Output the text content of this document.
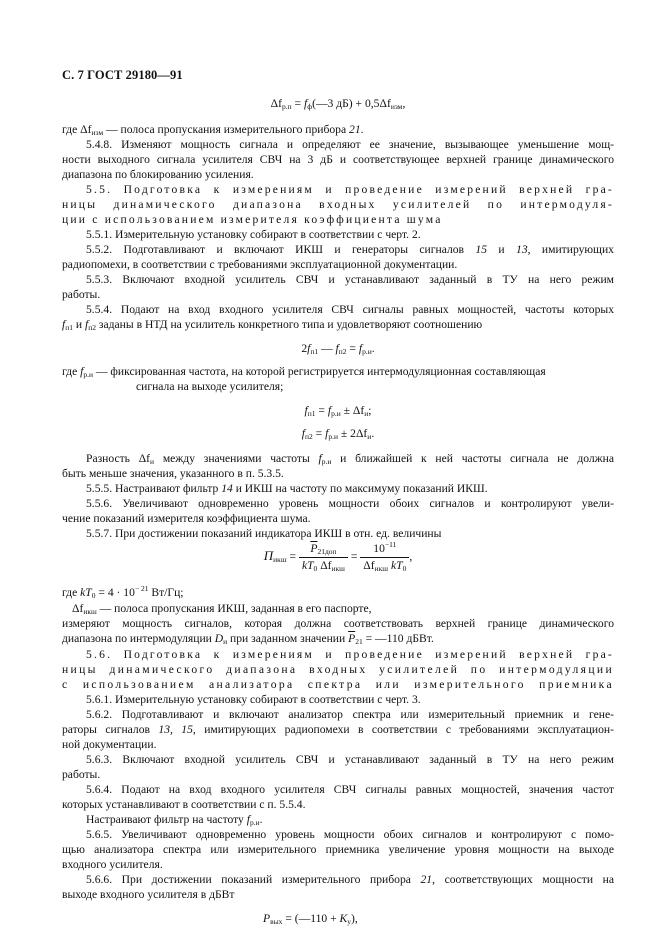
С. 7 ГОСТ 29180—91
$\Delta f_{р.п}$ = $f_ф(—3$ $дБ) + 0,5\Delta f_{изм}$,
где $\Delta f_{изм}$ — полоса пропускания измерительного прибора 21.
5.4.8. Изменяют мощность сигнала и определяют ее значение, вызывающее уменьшение мощ-
ности выходного сигнала усилителя СВЧ на 3 дБ и соответствующее верхней границе динамического
диапазона по блокированию усиления.
5.5. Подготовка к измерениям и проведение измерений верхней гра-
ницы динамического диапазона входных усилителей по интермодуля-
ции с использованием измерителя коэффициента шума
5.5.1. Измерительную установку собирают в соответствии с черт. 2.
5.5.2. Подготавливают и включают ИКШ и генераторы сигналов 15 и 13, имитирующих
радиопомехи, в соответствии с требованиями эксплуатационной документации.
5.5.3. Включают входной усилитель СВЧ и устанавливают заданный в ТУ на него режим
работы.
5.5.4. Подают на вход входного усилителя СВЧ сигналы равных мощностей, частоты которых
$f_{п1}$ и $f_{п2}$ заданы в НТД на усилитель конкретного типа и удовлетворяют соотношению
$2f_{п1}$ — $f_{п2} = f_{р.и}$.
где $f_{р.и}$ — фиксированная частота, на которой регистрируется интермодуляционная составляющая
сигнала на выходе усилителя;
$f_{п1} = f_{р.и} \pm \Delta f_и$;
$f_{п2} = f_{р.и} \pm 2\Delta f_и$.
Разность $\Delta f_и$ между значениями частоты $f_{р.и}$ и ближайшей к ней частоты сигнала не должна
быть меньше значения, указанного в п. 5.3.5.
5.5.5. Настраивают фильтр 14 и ИКШ на частоту по максимуму показаний ИКШ.
5.5.6. Увеличивают одновременно уровень мощности обоих сигналов и контролируют увели-
чение показаний измерителя коэффициента шума.
5.5.7. При достижении показаний индикатора ИКШ в отн. ед. величины
$П_{икш} = \frac{\overline{P}_{21доп}}{kT_0 \Delta f_{икш}} = \frac{10^{-11}}{\Delta f_{икш} kT_0}$ ,
где $kT_0 = 4 \cdot 10^{- 21}$ Вт/Гц;
$\Delta f_{икш}$ — полоса пропускания ИКШ, заданная в его паспорте,
измеряют мощность сигналов, которая должна соответствовать верхней границе динамического
диапазона по интермодуляции $D_и$ при заданном значении $\overline{P}_{21}$ = —110 дБВт.
5.6. Подготовка к измерениям и проведение измерений верхней гра-
ницы динамического диапазона входных усилителей по интермодуляции
с использованием анализатора спектра или измерительного приемника
5.6.1. Измерительную установку собирают в соответствии с черт. 3.
5.6.2. Подготавливают и включают анализатор спектра или измерительный приемник и гене-
раторы сигналов 13, 15, имитирующих радиопомехи в соответствии с требованиями эксплуатацион-
ной документации.
5.6.3. Включают входной усилитель СВЧ и устанавливают заданный в ТУ на него режим
работы.
5.6.4. Подают на вход входного усилителя СВЧ сигналы равных мощностей, значения частот
которых устанавливают в соответствии с п. 5.5.4.
Настраивают фильтр на частоту $f_{р.и}$.
5.6.5. Увеличивают одновременно уровень мощности обоих сигналов и контролируют с помо-
щью анализатора спектра или измерительного приемника увеличение уровня мощности на выходе
входного усилителя.
5.6.6. При достижении показаний измерительного прибора 21, соответствующих мощности на
выходе входного усилителя в дБВт
$P_{вых}$ = (—110 + $K_у$),
